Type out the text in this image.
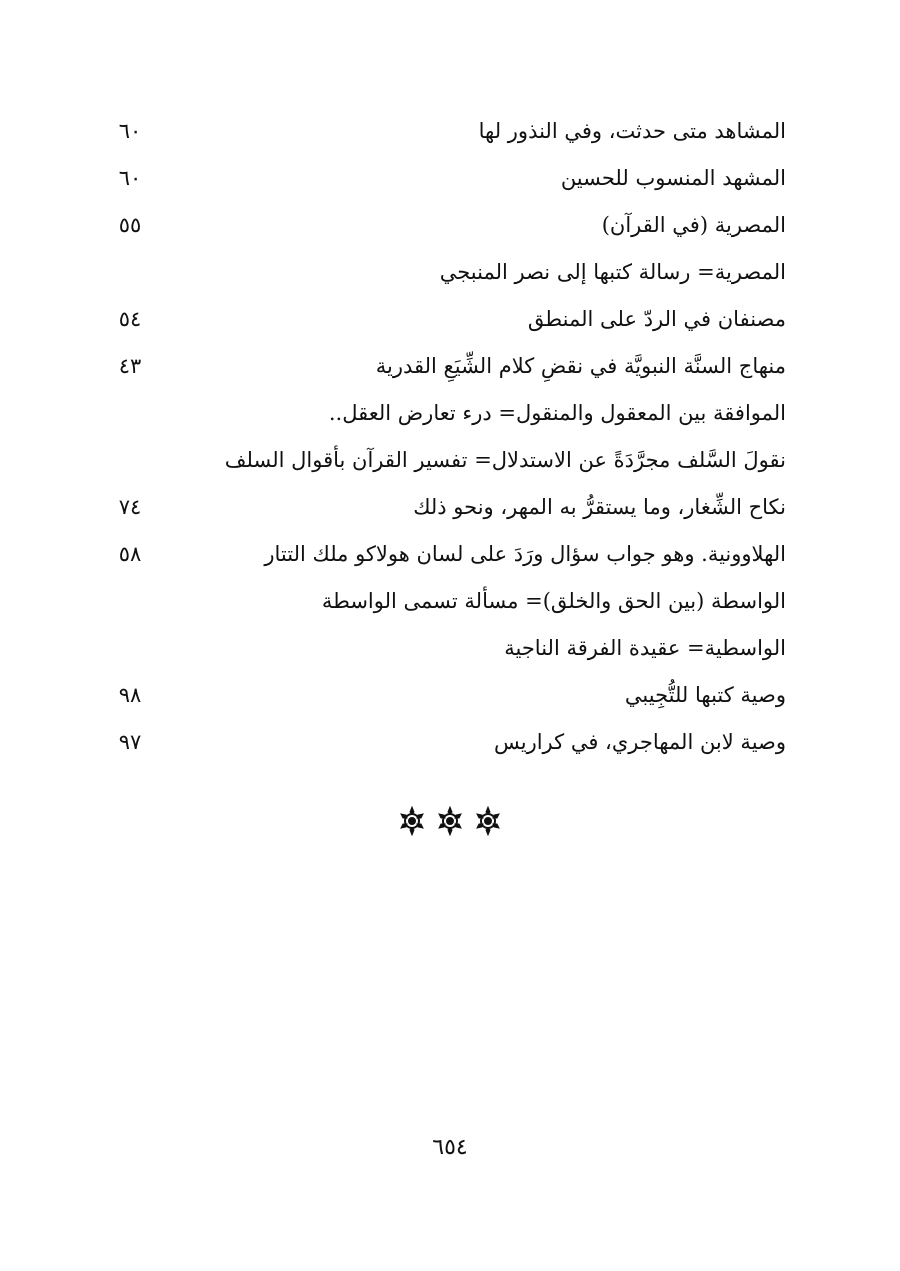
المشاهد متى حدثت، وفي النذور لها
٦٠
المشهد المنسوب للحسين
٦٠
المصرية (في القرآن)
٥٥
المصرية= رسالة كتبها إلى نصر المنبجي
مصنفان في الردّ على المنطق
٥٤
منهاج السنَّة النبويَّة في نقضِ كلام الشِّيَعِ القدرية
٤٣
الموافقة بين المعقول والمنقول= درء تعارض العقل..
نقولَ السَّلف مجرَّدَةً عن الاستدلال= تفسير القرآن بأقوال السلف
نكاح الشِّغار، وما يستقرُّ به المهر، ونحو ذلك
٧٤
الهلاوونية. وهو جواب سؤال ورَدَ على لسان هولاكو ملك التتار
٥٨
الواسطة (بين الحق والخلق)= مسألة تسمى الواسطة
الواسطية= عقيدة الفرقة الناجية
وصية كتبها للتُّجِيبي
٩٨
وصية لابن المهاجري، في كراريس
٩٧
٦٥٤
